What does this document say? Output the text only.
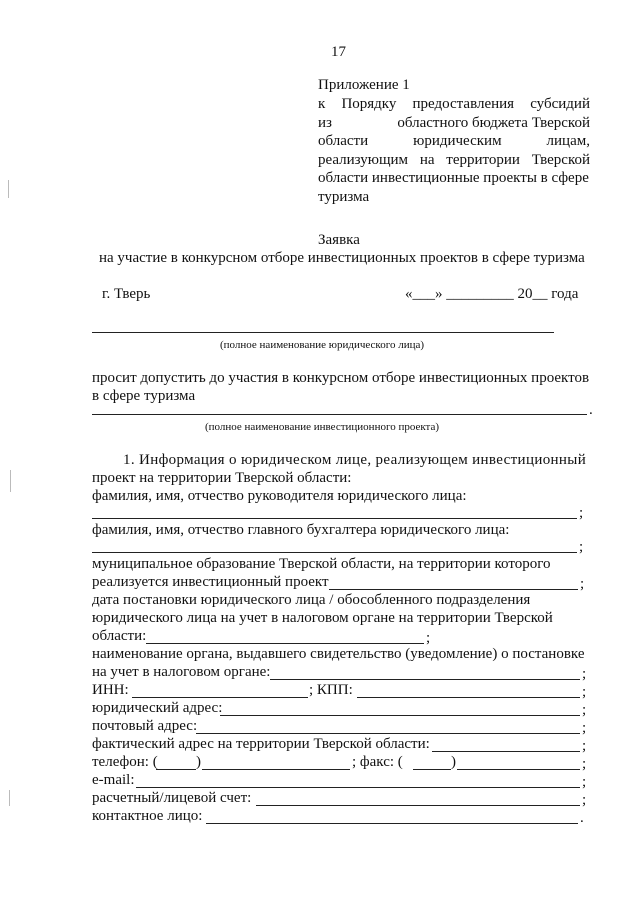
17
Приложение 1
к Порядку предоставления субсидий
из	областного бюджета Тверской
области	юридическим	лицам,
реализующим на территории Тверской
области инвестиционные проекты в сфере
туризма
Заявка
на участие в конкурсном отборе инвестиционных проектов в сфере туризма
г. Тверь	«___» _________ 20__ года
(полное наименование юридического лица)
просит допустить до участия в конкурсном отборе инвестиционных проектов
в сфере туризма
.
(полное наименование инвестиционного проекта)
1. Информация о юридическом лице, реализующем инвестиционный
проект на территории Тверской области:
фамилия, имя, отчество руководителя юридического лица:
;
фамилия, имя, отчество главного бухгалтера юридического лица:
;
муниципальное образование Тверской области, на территории которого
реализуется инвестиционный проект	;
дата постановки юридического лица / обособленного подразделения
юридического лица на учет в налоговом органе на территории Тверской
области:	;
наименование органа, выдавшего свидетельство (уведомление) о постановке
на учет в налоговом органе:	;
ИНН:	; КПП:	;
юридический адрес:	;
почтовый адрес:	;
фактический адрес на территории Тверской области:	;
телефон: (	)	; факс: (	)	;
e-mail:	;
расчетный/лицевой счет:	;
контактное лицо:	.
